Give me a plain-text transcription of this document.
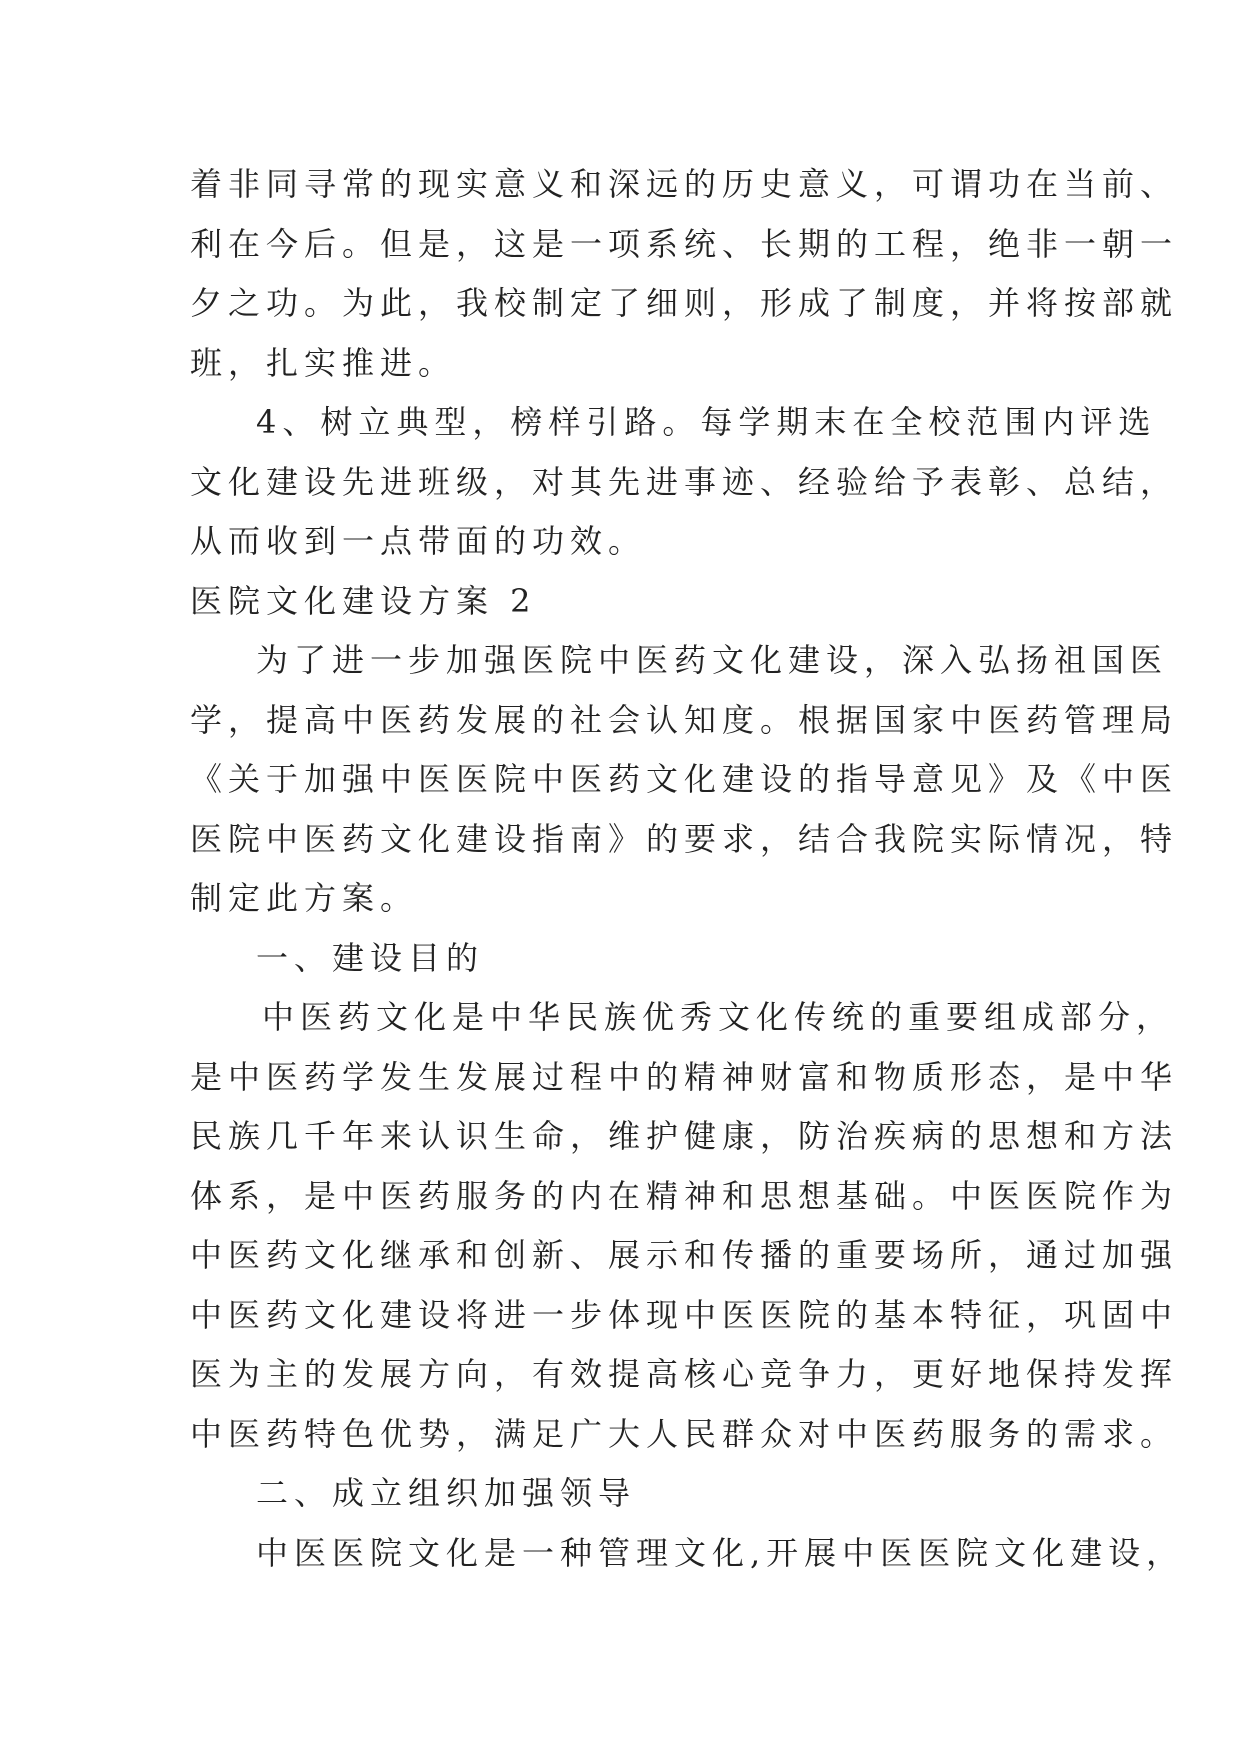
着非同寻常的现实意义和深远的历史意义，可谓功在当前、
利在今后。但是，这是一项系统、长期的工程，绝非一朝一
夕之功。为此，我校制定了细则，形成了制度，并将按部就
班，扎实推进。
4、树立典型，榜样引路。每学期末在全校范围内评选
文化建设先进班级，对其先进事迹、经验给予表彰、总结，
从而收到一点带面的功效。
医院文化建设方案 2
为了进一步加强医院中医药文化建设，深入弘扬祖国医
学，提高中医药发展的社会认知度。根据国家中医药管理局
《关于加强中医医院中医药文化建设的指导意见》及《中医
医院中医药文化建设指南》的要求，结合我院实际情况，特
制定此方案。
一、建设目的
中医药文化是中华民族优秀文化传统的重要组成部分，
是中医药学发生发展过程中的精神财富和物质形态，是中华
民族几千年来认识生命，维护健康，防治疾病的思想和方法
体系，是中医药服务的内在精神和思想基础。中医医院作为
中医药文化继承和创新、展示和传播的重要场所，通过加强
中医药文化建设将进一步体现中医医院的基本特征，巩固中
医为主的发展方向，有效提高核心竞争力，更好地保持发挥
中医药特色优势，满足广大人民群众对中医药服务的需求。
二、成立组织加强领导
中医医院文化是一种管理文化,开展中医医院文化建设，
